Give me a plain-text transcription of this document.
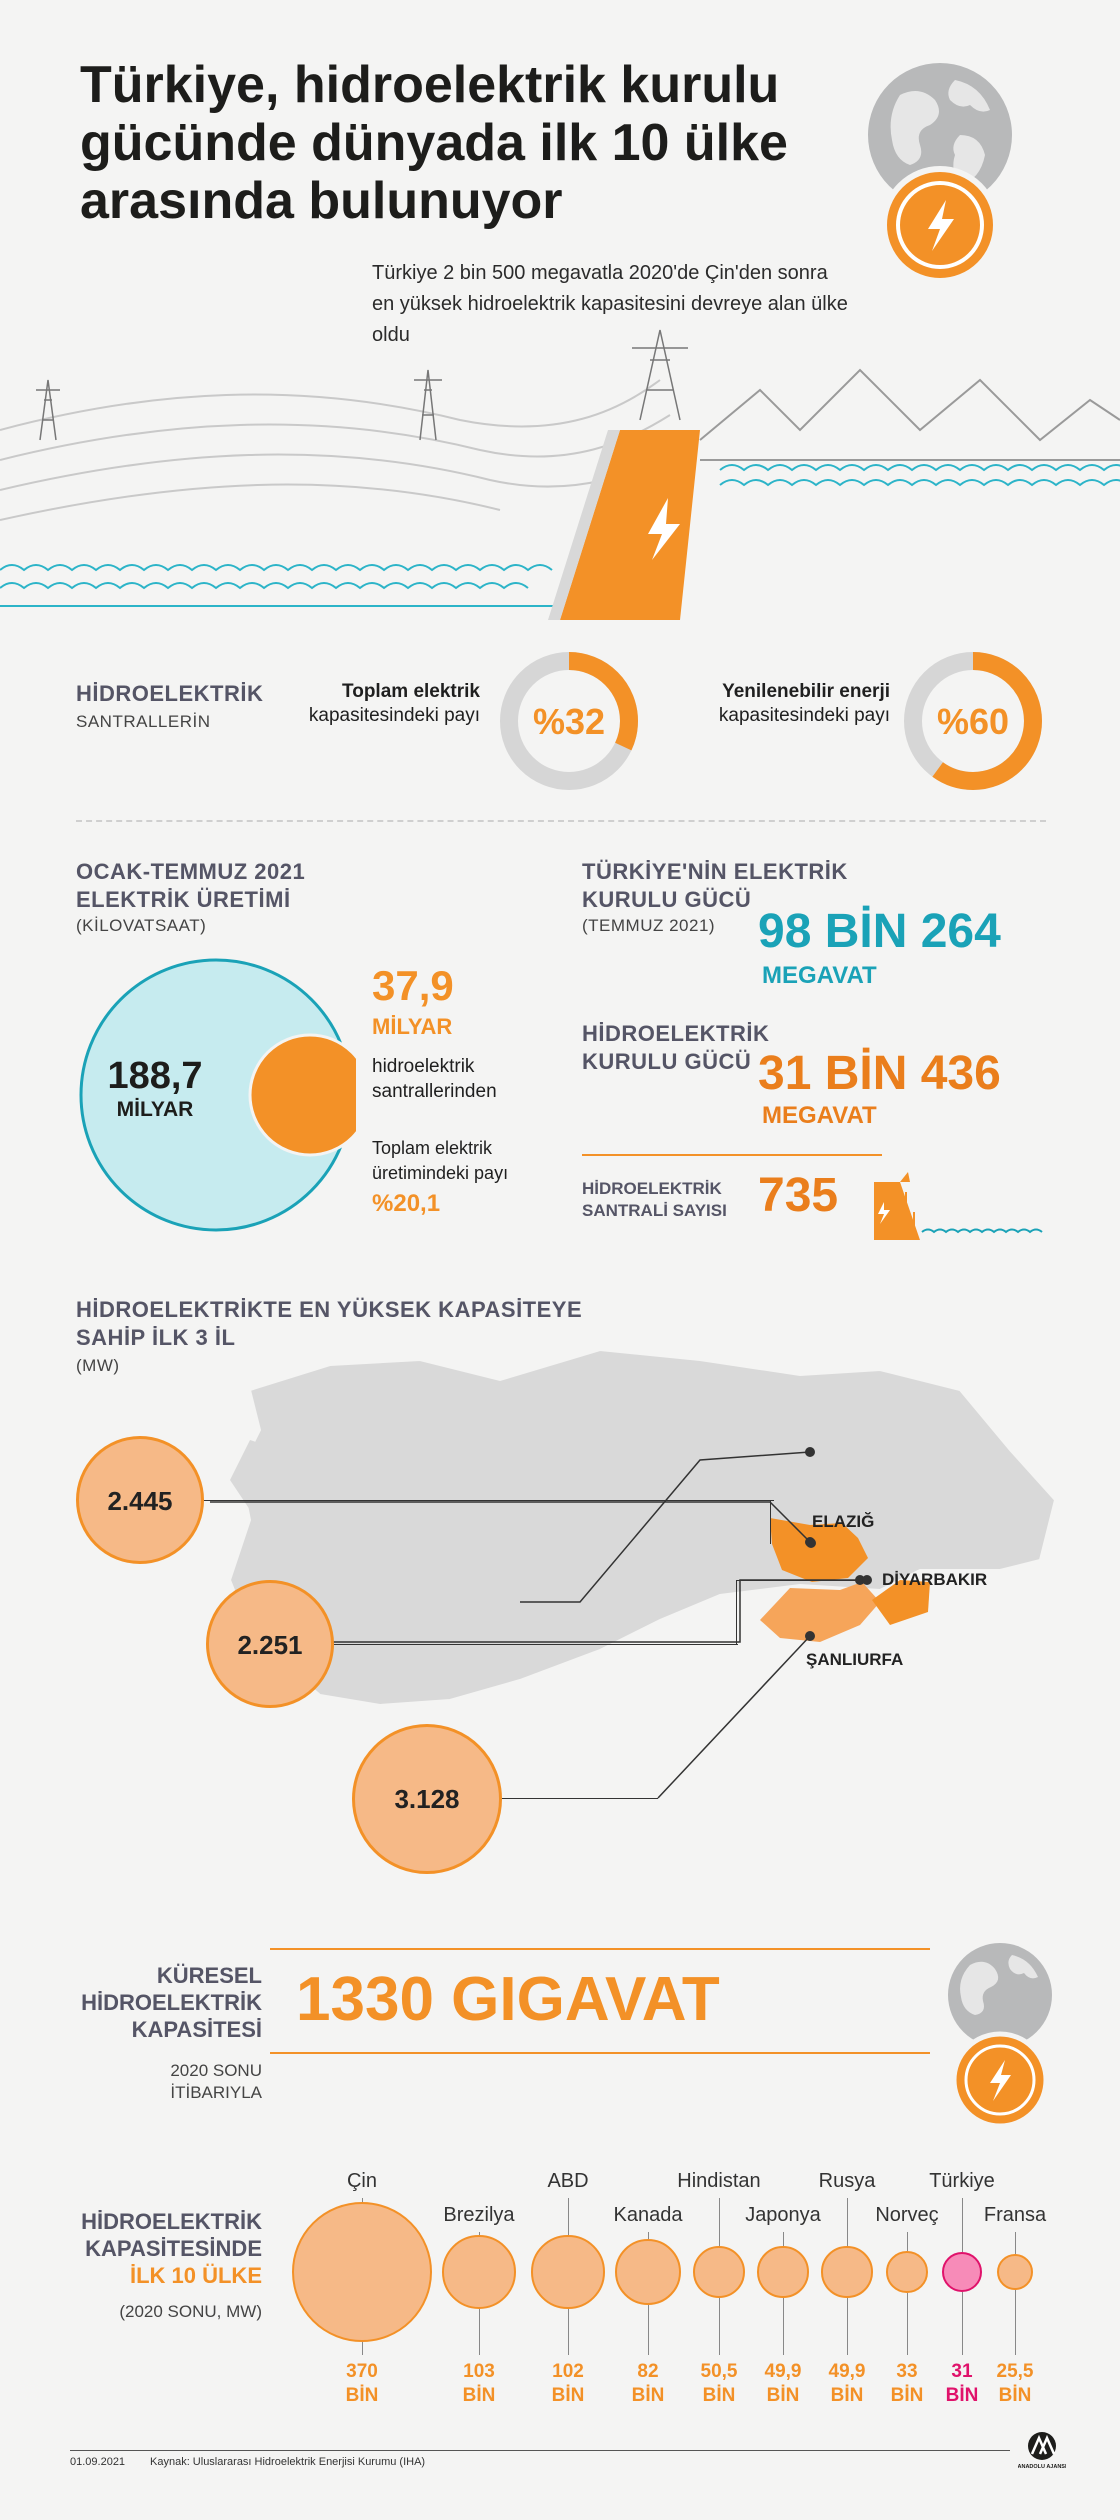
Türkiye, hidroelektrik kurulu gücünde dünyada ilk 10 ülke arasında bulunuyor

Türkiye 2 bin 500 megavatla 2020'de Çin'den sonra en yüksek hidroelektrik kapasitesini devreye alan ülke oldu

HİDROELEKTRİK
SANTRALLERİN
Toplam elektrik
kapasitesindeki payı %32
Yenilenebilir enerji
kapasitesindeki payı %60
OCAK-TEMMUZ 2021
ELEKTRİK ÜRETİMİ
(KİLOVATSAAT)
188,7
MİLYAR
37,9
MİLYAR
hidroelektrik santrallerinden
Toplam elektrik üretimindeki payı
%20,1
TÜRKİYE'NİN ELEKTRİK
KURULU GÜCÜ
(TEMMUZ 2021) 98 BİN 264
MEGAVAT
HİDROELEKTRİK
KURULU GÜCÜ 31 BİN 436
MEGAVAT
HİDROELEKTRİK
SANTRALİ SAYISI 735
HİDROELEKTRİKTE EN YÜKSEK KAPASİTEYE
SAHİP İLK 3 İL
(MW)
2.445
ELAZIĞ
2.251
DİYARBAKIR
3.128
ŞANLIURFA
KÜRESEL
HİDROELEKTRİK
KAPASİTESİ 1330 GIGAVAT
2020 SONU
İTİBARIYLA
HİDROELEKTRİK
KAPASİTESİNDE
İLK 10 ÜLKE
(2020 SONU, MW)
Çin
370
BİN
Brezilya
103
BİN
ABD
102
BİN
Kanada
82
BİN
Hindistan
50,5
BİN
Japonya
49,9
BİN
Rusya
49,9
BİN
Norveç
33
BİN
Türkiye
31
BİN
Fransa
25,5
BİN
01.09.2021 Kaynak: Uluslararası Hidroelektrik Enerjisi Kurumu (IHA)	ANADOLU AJANSI
